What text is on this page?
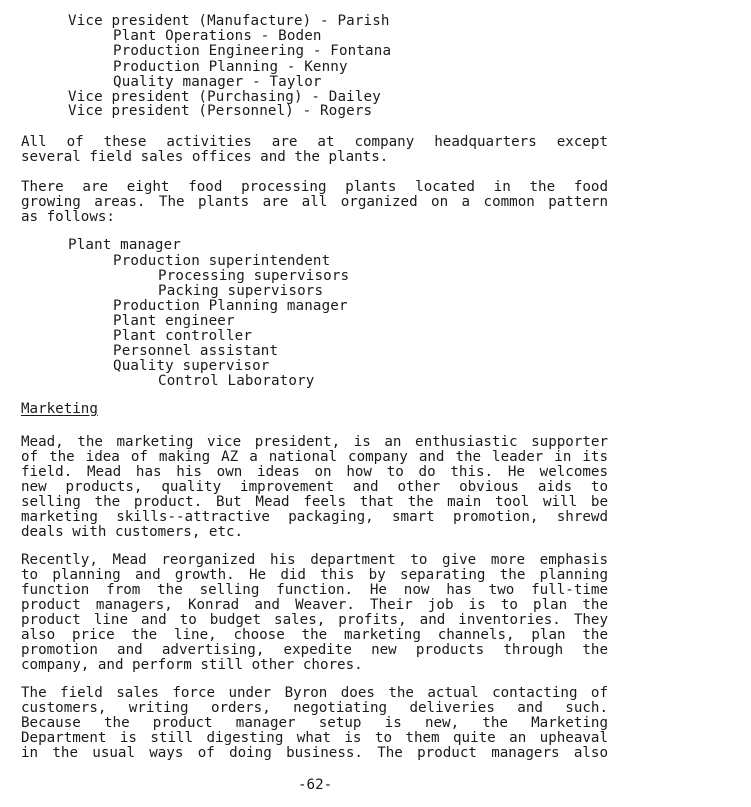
Vice president (Manufacture) - Parish
Plant Operations - Boden
Production Engineering - Fontana
Production Planning - Kenny
Quality manager - Taylor
Vice president (Purchasing) - Dailey
Vice president (Personnel) - Rogers
All of these activities are at company headquarters except
several field sales offices and the plants.
There are eight food processing plants located in the food
growing areas. The plants are all organized on a common pattern
as follows:
Plant manager
Production superintendent
Processing supervisors
Packing supervisors
Production Planning manager
Plant engineer
Plant controller
Personnel assistant
Quality supervisor
Control Laboratory
Marketing
Mead, the marketing vice president, is an enthusiastic supporter
of the idea of making AZ a national company and the leader in its
field. Mead has his own ideas on how to do this. He welcomes
new products, quality improvement and other obvious aids to
selling the product. But Mead feels that the main tool will be
marketing skills--attractive packaging, smart promotion, shrewd
deals with customers, etc.
Recently, Mead reorganized his department to give more emphasis
to planning and growth. He did this by separating the planning
function from the selling function. He now has two full-time
product managers, Konrad and Weaver. Their job is to plan the
product line and to budget sales, profits, and inventories. They
also price the line, choose the marketing channels, plan the
promotion and advertising, expedite new products through the
company, and perform still other chores.
The field sales force under Byron does the actual contacting of
customers, writing orders, negotiating deliveries and such.
Because the product manager setup is new, the Marketing
Department is still digesting what is to them quite an upheaval
in the usual ways of doing business. The product managers also
-62-
